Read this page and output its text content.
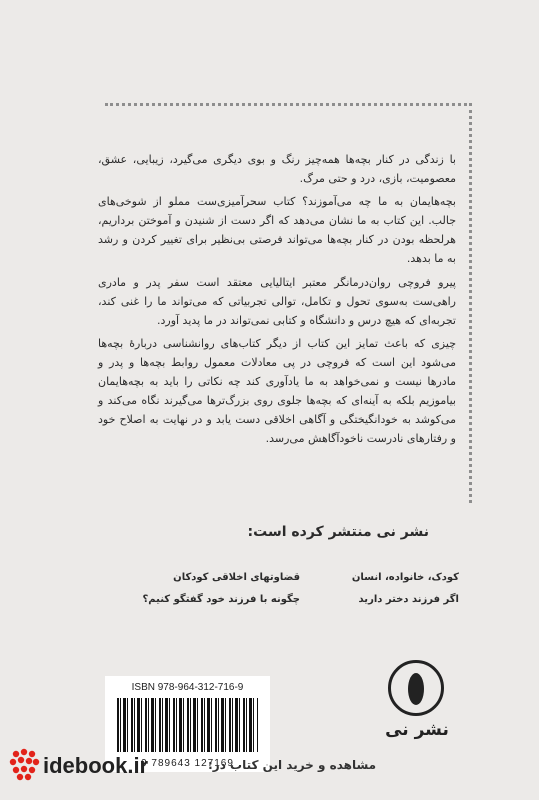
با زندگی در کنار بچه‌ها همه‌چیز رنگ و بوی دیگری می‌گیرد، زیبایی، عشق، معصومیت، بازی، درد و حتی مرگ.

بچه‌هایمان به ما چه می‌آموزند؟ کتاب سحرآمیزی‌ست مملو از شوخی‌های جالب. این کتاب به ما نشان می‌دهد که اگر دست از شنیدن و آموختن برداریم، هرلحظه بودن در کنار بچه‌ها می‌تواند فرصتی بی‌نظیر برای تغییر کردن و رشد به ما بدهد.

پیرو فروچی روان‌درمانگر معتبر ایتالیایی معتقد است سفر پدر و مادری راهی‌ست به‌سوی تحول و تکامل، توالی تجربیاتی که می‌تواند ما را غنی کند، تجربه‌ای که هیچ درس و دانشگاه و کتابی نمی‌تواند در ما پدید آورد.

چیزی که باعث تمایز این کتاب از دیگر کتاب‌های روانشناسی درباره‌ٔ بچه‌ها می‌شود این است که فروچی در پی معادلات معمول روابط بچه‌ها و پدر و مادرها نیست و نمی‌خواهد به ما یادآوری کند چه نکاتی را باید به بچه‌هایمان بیاموزیم بلکه به آینه‌ای که بچه‌ها جلوی روی بزرگ‌ترها می‌گیرند نگاه می‌کند و می‌کوشد به خودانگیختگی و آگاهی اخلاقی دست یابد و در نهایت به اصلاح خود و رفتارهای نادرست ناخودآگاهش می‌رسد.

نشر نی منتشر کرده است:
کودک، خانواده، انسان
اگر فرزند دختر دارید
قضاوتهای اخلاقی کودکان
چگونه با فرزند خود گفتگو کنیم؟
ISBN 978-964-312-716-9
9 789643 127169
نشر نی
idebook.ir	مشاهده و خرید این کتاب در:
